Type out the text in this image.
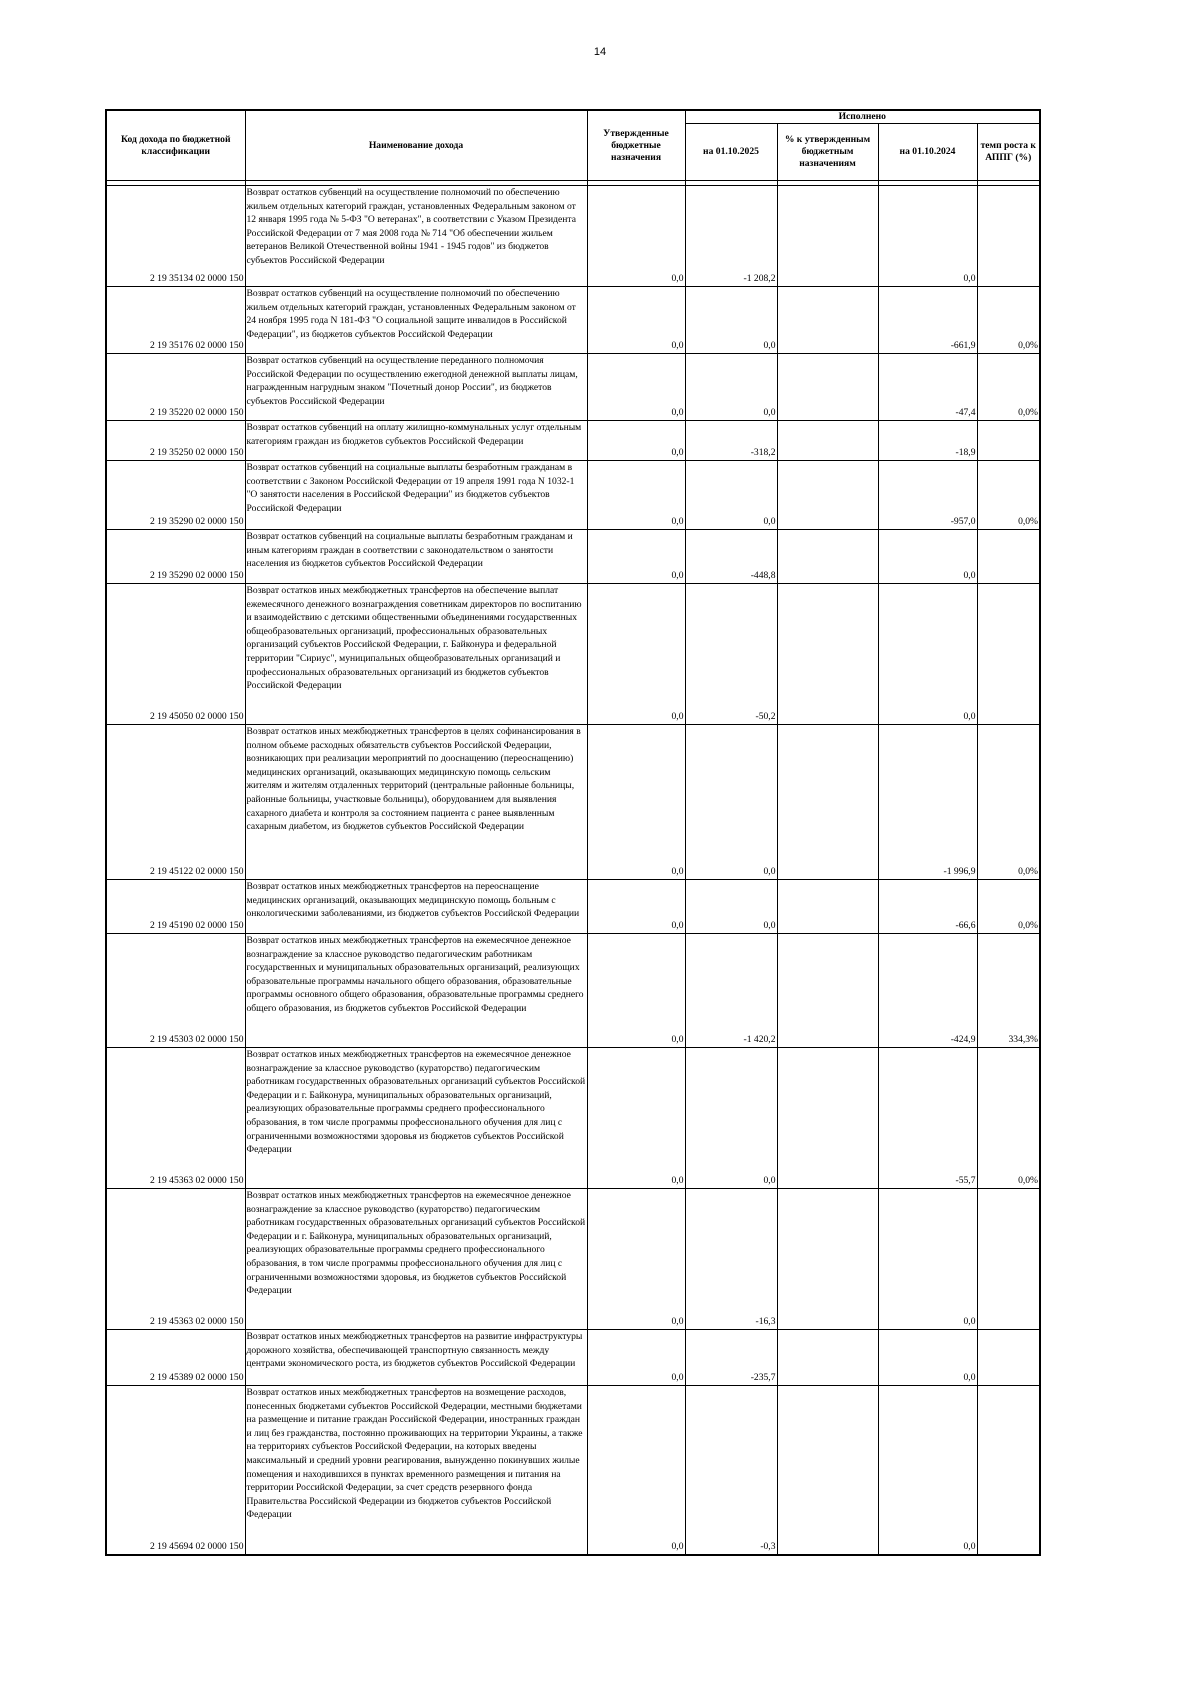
14
Код дохода по бюджетной классификации	Наименование дохода	Утвержденные бюджетные назначения	Исполнено			
			на 01.10.2025	% к утвержденным бюджетным назначениям	на 01.10.2024	темп роста к АППГ (%)

2 19 35134 02 0000 150	Возврат остатков субвенций на осуществление полномочий по обеспечению жильем отдельных категорий граждан, установленных Федеральным законом от 12 января 1995 года № 5-ФЗ "О ветеранах", в соответствии с Указом Президента Российской Федерации от 7 мая 2008 года № 714 "Об обеспечении жильем ветеранов Великой Отечественной войны 1941 - 1945 годов" из бюджетов субъектов Российской Федерации	0,0	-1 208,2		0,0	
2 19 35176 02 0000 150	Возврат остатков субвенций на осуществление полномочий по обеспечению жильем отдельных категорий граждан, установленных Федеральным законом от 24 ноября 1995 года N 181-ФЗ "О социальной защите инвалидов в Российской Федерации", из бюджетов субъектов Российской Федерации	0,0	0,0		-661,9	0,0%
2 19 35220 02 0000 150	Возврат остатков субвенций на осуществление переданного полномочия Российской Федерации по осуществлению ежегодной денежной выплаты лицам, награжденным нагрудным знаком "Почетный донор России", из бюджетов субъектов Российской Федерации	0,0	0,0		-47,4	0,0%
2 19 35250 02 0000 150	Возврат остатков субвенций на оплату жилищно-коммунальных услуг отдельным категориям граждан из бюджетов субъектов Российской Федерации	0,0	-318,2		-18,9	
2 19 35290 02 0000 150	Возврат остатков субвенций на социальные выплаты безработным гражданам в соответствии с Законом Российской Федерации от 19 апреля 1991 года N 1032-1 "О занятости населения в Российской Федерации" из бюджетов субъектов Российской Федерации	0,0	0,0		-957,0	0,0%
2 19 35290 02 0000 150	Возврат остатков субвенций на социальные выплаты безработным гражданам и иным категориям граждан в соответствии с законодательством о занятости населения из бюджетов субъектов Российской Федерации	0,0	-448,8		0,0	
2 19 45050 02 0000 150	Возврат остатков иных межбюджетных трансфертов на обеспечение выплат ежемесячного денежного вознаграждения советникам директоров по воспитанию и взаимодействию с детскими общественными объединениями государственных общеобразовательных организаций, профессиональных образовательных организаций субъектов Российской Федерации, г. Байконура и федеральной территории "Сириус", муниципальных общеобразовательных организаций и профессиональных образовательных организаций из бюджетов субъектов Российской Федерации	0,0	-50,2		0,0	
2 19 45122 02 0000 150	Возврат остатков иных межбюджетных трансфертов в целях софинансирования в полном объеме расходных обязательств субъектов Российской Федерации, возникающих при реализации мероприятий по дооснащению (переоснащению) медицинских организаций, оказывающих медицинскую помощь сельским жителям и жителям отдаленных территорий (центральные районные больницы, районные больницы, участковые больницы), оборудованием для выявления сахарного диабета и контроля за состоянием пациента с ранее выявленным сахарным диабетом, из бюджетов субъектов Российской Федерации	0,0	0,0		-1 996,9	0,0%
2 19 45190 02 0000 150	Возврат остатков иных межбюджетных трансфертов на переоснащение медицинских организаций, оказывающих медицинскую помощь больным с онкологическими заболеваниями, из бюджетов субъектов Российской Федерации	0,0	0,0		-66,6	0,0%
2 19 45303 02 0000 150	Возврат остатков иных межбюджетных трансфертов на ежемесячное денежное вознаграждение за классное руководство педагогическим работникам государственных и муниципальных образовательных организаций, реализующих образовательные программы начального общего образования, образовательные программы основного общего образования, образовательные программы среднего общего образования, из бюджетов субъектов Российской Федерации	0,0	-1 420,2		-424,9	334,3%
2 19 45363 02 0000 150	Возврат остатков иных межбюджетных трансфертов на ежемесячное денежное вознаграждение за классное руководство (кураторство) педагогическим работникам государственных образовательных организаций субъектов Российской Федерации и г. Байконура, муниципальных образовательных организаций, реализующих образовательные программы среднего профессионального образования, в том числе программы профессионального обучения для лиц с ограниченными возможностями здоровья из бюджетов субъектов Российской Федерации	0,0	0,0		-55,7	0,0%
2 19 45363 02 0000 150	Возврат остатков иных межбюджетных трансфертов на ежемесячное денежное вознаграждение за классное руководство (кураторство) педагогическим работникам государственных образовательных организаций субъектов Российской Федерации и г. Байконура, муниципальных образовательных организаций, реализующих образовательные программы среднего профессионального образования, в том числе программы профессионального обучения для лиц с ограниченными возможностями здоровья, из бюджетов субъектов Российской Федерации	0,0	-16,3		0,0	
2 19 45389 02 0000 150	Возврат остатков иных межбюджетных трансфертов на развитие инфраструктуры дорожного хозяйства, обеспечивающей транспортную связанность между центрами экономического роста, из бюджетов субъектов Российской Федерации	0,0	-235,7		0,0	
2 19 45694 02 0000 150	Возврат остатков иных межбюджетных трансфертов на возмещение расходов, понесенных бюджетами субъектов Российской Федерации, местными бюджетами на размещение и питание граждан Российской Федерации, иностранных граждан и лиц без гражданства, постоянно проживающих на территории Украины, а также на территориях субъектов Российской Федерации, на которых введены максимальный и средний уровни реагирования, вынужденно покинувших жилые помещения и находившихся в пунктах временного размещения и питания на территории Российской Федерации, за счет средств резервного фонда Правительства Российской Федерации из бюджетов субъектов Российской Федерации	0,0	-0,3		0,0	
